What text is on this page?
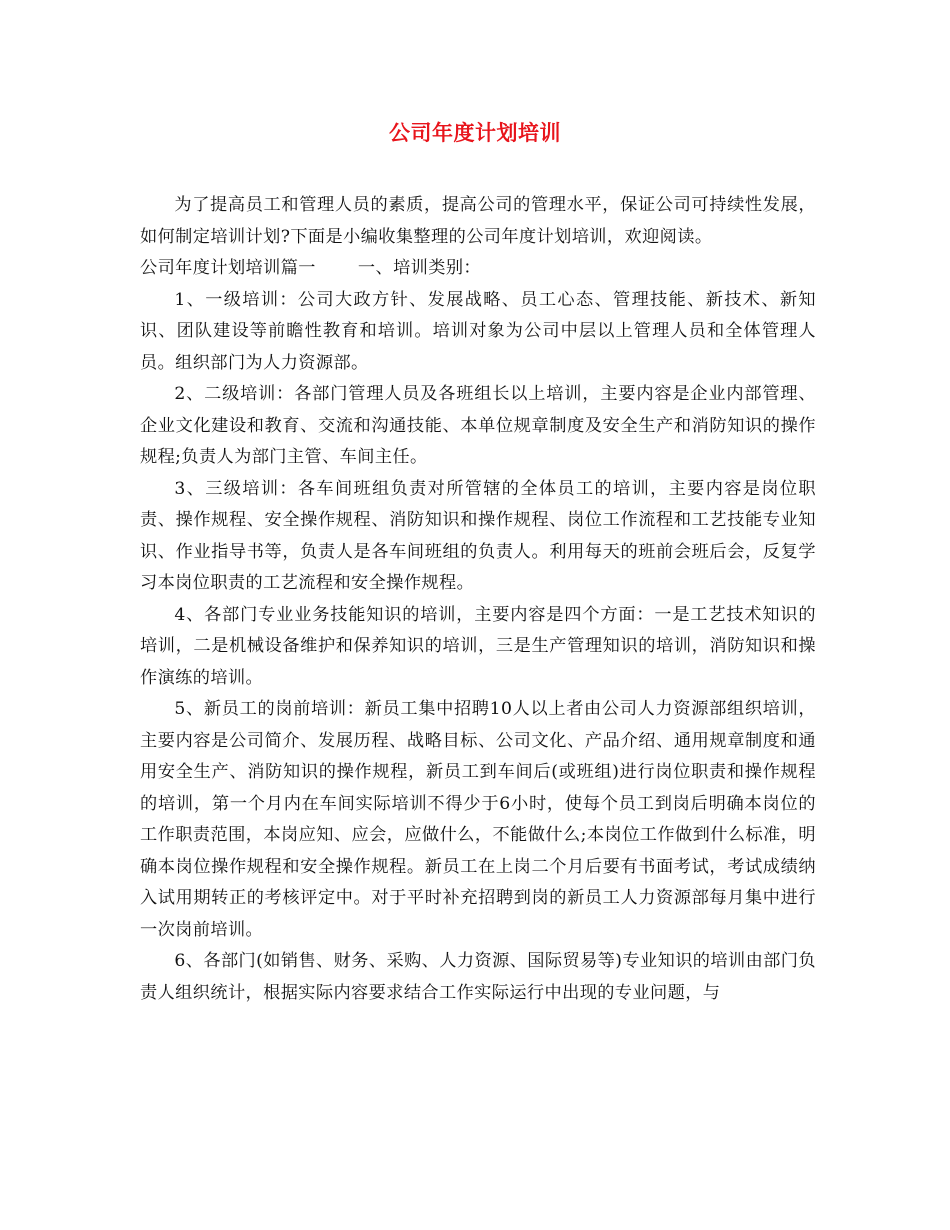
公司年度计划培训

为了提高员工和管理人员的素质，提高公司的管理水平，保证公司可持续性发展，如何制定培训计划?下面是小编收集整理的公司年度计划培训，欢迎阅读。

公司年度计划培训篇一 一、培训类别：

1、一级培训：公司大政方针、发展战略、员工心态、管理技能、新技术、新知识、团队建设等前瞻性教育和培训。培训对象为公司中层以上管理人员和全体管理人员。组织部门为人力资源部。

2、二级培训：各部门管理人员及各班组长以上培训，主要内容是企业内部管理、企业文化建设和教育、交流和沟通技能、本单位规章制度及安全生产和消防知识的操作规程;负责人为部门主管、车间主任。

3、三级培训：各车间班组负责对所管辖的全体员工的培训，主要内容是岗位职责、操作规程、安全操作规程、消防知识和操作规程、岗位工作流程和工艺技能专业知识、作业指导书等，负责人是各车间班组的负责人。利用每天的班前会班后会，反复学习本岗位职责的工艺流程和安全操作规程。

4、各部门专业业务技能知识的培训，主要内容是四个方面：一是工艺技术知识的培训，二是机械设备维护和保养知识的培训，三是生产管理知识的培训，消防知识和操作演练的培训。

5、新员工的岗前培训：新员工集中招聘10人以上者由公司人力资源部组织培训，主要内容是公司简介、发展历程、战略目标、公司文化、产品介绍、通用规章制度和通用安全生产、消防知识的操作规程，新员工到车间后(或班组)进行岗位职责和操作规程的培训，第一个月内在车间实际培训不得少于6小时，使每个员工到岗后明确本岗位的工作职责范围，本岗应知、应会，应做什么，不能做什么;本岗位工作做到什么标准，明确本岗位操作规程和安全操作规程。新员工在上岗二个月后要有书面考试，考试成绩纳入试用期转正的考核评定中。对于平时补充招聘到岗的新员工人力资源部每月集中进行一次岗前培训。

6、各部门(如销售、财务、采购、人力资源、国际贸易等)专业知识的培训由部门负责人组织统计，根据实际内容要求结合工作实际运行中出现的专业问题，与
